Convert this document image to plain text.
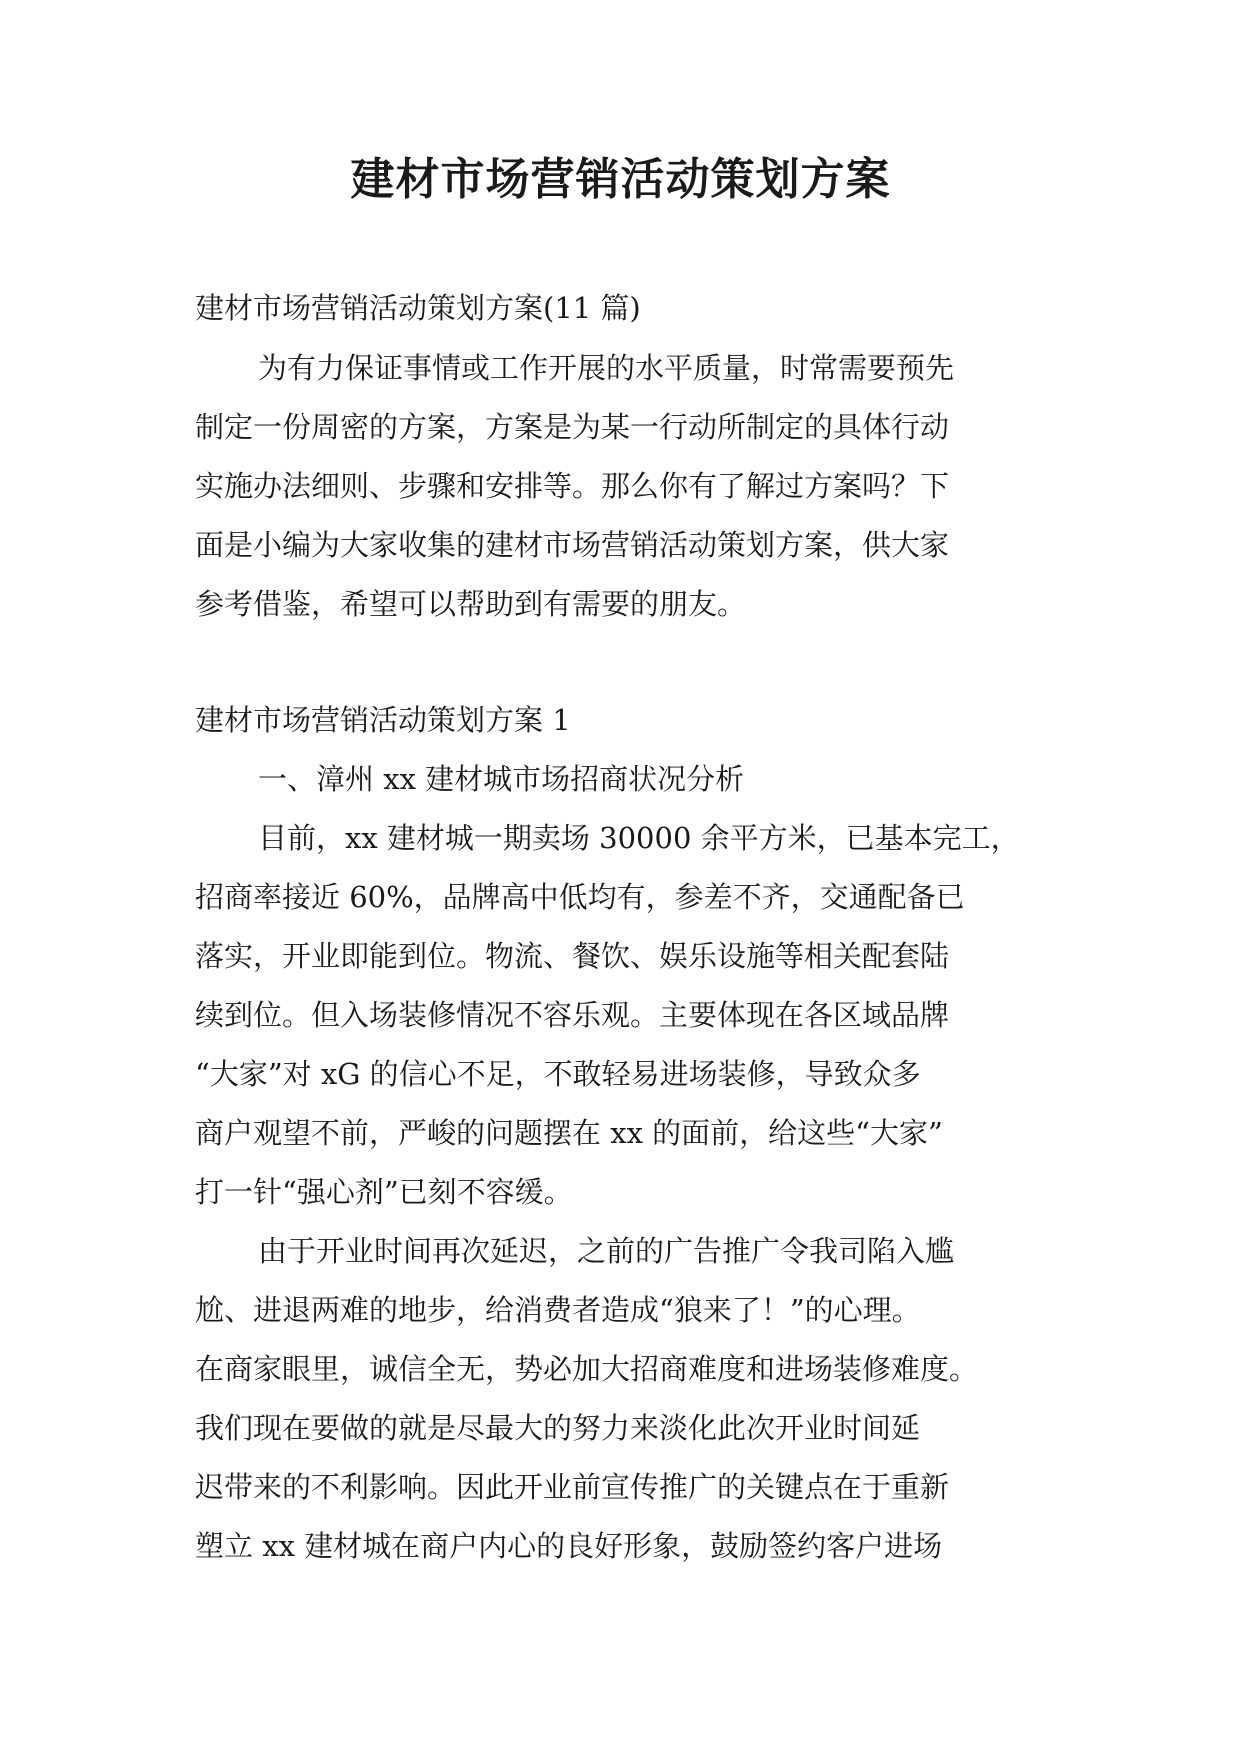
建材市场营销活动策划方案
建材市场营销活动策划方案(11 篇)
为有力保证事情或工作开展的水平质量，时常需要预先
制定一份周密的方案，方案是为某一行动所制定的具体行动
实施办法细则、步骤和安排等。那么你有了解过方案吗？下
面是小编为大家收集的建材市场营销活动策划方案，供大家
参考借鉴，希望可以帮助到有需要的朋友。
建材市场营销活动策划方案 1
一、漳州 xx 建材城市场招商状况分析
目前，xx 建材城一期卖场 30000 余平方米，已基本完工，
招商率接近 60%，品牌高中低均有，参差不齐，交通配备已
落实，开业即能到位。物流、餐饮、娱乐设施等相关配套陆
续到位。但入场装修情况不容乐观。主要体现在各区域品牌
“大家”对 xG 的信心不足，不敢轻易进场装修，导致众多
商户观望不前，严峻的问题摆在 xx 的面前，给这些“大家”
打一针“强心剂”已刻不容缓。
由于开业时间再次延迟，之前的广告推广令我司陷入尴
尬、进退两难的地步，给消费者造成“狼来了！”的心理。
在商家眼里，诚信全无，势必加大招商难度和进场装修难度。
我们现在要做的就是尽最大的努力来淡化此次开业时间延
迟带来的不利影响。因此开业前宣传推广的关键点在于重新
塑立 xx 建材城在商户内心的良好形象，鼓励签约客户进场
